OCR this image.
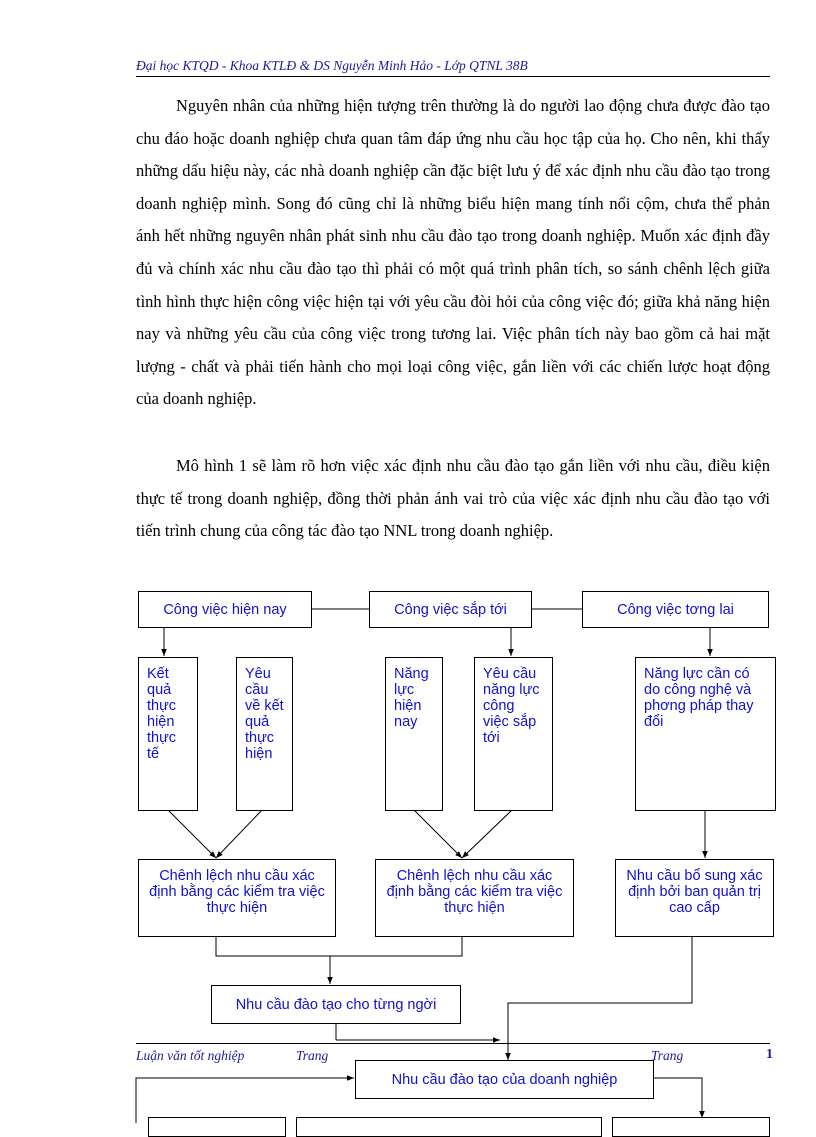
Đại học KTQD - Khoa KTLĐ & DS Nguyễn Minh Hảo - Lớp QTNL 38B

Nguyên nhân của những hiện tượng trên thường là do người lao động chưa được đào tạo chu đáo hoặc doanh nghiệp chưa quan tâm đáp ứng nhu cầu học tập của họ. Cho nên, khi thấy những dấu hiệu này, các nhà doanh nghiệp cần đặc biệt lưu ý để xác định nhu cầu đào tạo trong doanh nghiệp mình. Song đó cũng chỉ là những biểu hiện mang tính nổi cộm, chưa thể phản ánh hết những nguyên nhân phát sinh nhu cầu đào tạo trong doanh nghiệp. Muốn xác định đầy đủ và chính xác nhu cầu đào tạo thì phải có một quá trình phân tích, so sánh chênh lệch giữa tình hình thực hiện công việc hiện tại với yêu cầu đòi hỏi của công việc đó; giữa khả năng hiện nay và những yêu cầu của công việc trong tương lai. Việc phân tích này bao gồm cả hai mặt lượng - chất và phải tiến hành cho mọi loại công việc, gắn liền với các chiến lược hoạt động của doanh nghiệp.

Mô hình 1 sẽ làm rõ hơn việc xác định nhu cầu đào tạo gắn liền với nhu cầu, điều kiện thực tế trong doanh nghiệp, đồng thời phản ánh vai trò của việc xác định nhu cầu đào tạo với tiến trình chung của công tác đào tạo NNL trong doanh nghiệp.

Công việc hiện nay	Công việc sắp tới	Công việc tơng lai
Kết quả thực hiện thực tế
Yêu cầu về kết quả thực hiện
Năng lực hiện nay
Yêu cầu năng lực công việc sắp tới
Năng lực cần có do công nghệ và phơng pháp thay đổi
Chênh lệch nhu cầu xác định bằng các kiểm tra việc thực hiện
Chênh lệch nhu cầu xác định bằng các kiểm tra việc thực hiện
Nhu cầu bổ sung xác định bởi ban quản trị cao cấp
Nhu cầu đào tạo cho từng ngời
Nhu cầu đào tạo của doanh nghiệp
Luận văn tốt nghiệp	Trang	Trang	1
